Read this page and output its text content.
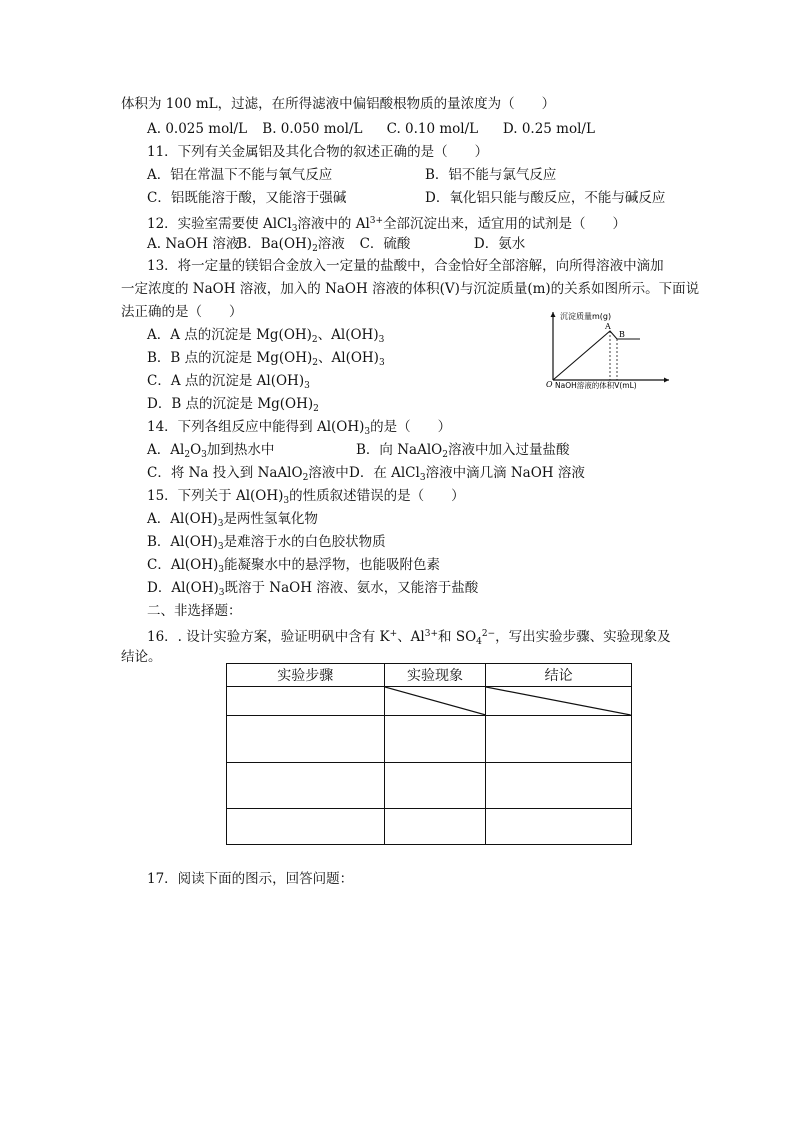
体积为 100 mL，过滤，在所得滤液中偏铝酸根物质的量浓度为（　　）
A. 0.025 mol/L B. 0.050 mol/L C. 0.10 mol/L D. 0.25 mol/L
11．下列有关金属铝及其化合物的叙述正确的是（　　）
A．铝在常温下不能与氧气反应	B．铝不能与氯气反应
C．铝既能溶于酸，又能溶于强碱	D．氧化铝只能与酸反应，不能与碱反应
12．实验室需要使 AlCl$_3$溶液中的 $Al^{3+}$全部沉淀出来，适宜用的试剂是（　　）
A. NaOH 溶液 B．$Ba(OH)_2$溶液 C．硫酸	D．氨水
13．将一定量的镁铝合金放入一定量的盐酸中，合金恰好全部溶解，向所得溶液中滴加
一定浓度的 NaOH 溶液，加入的 NaOH 溶液的体积(V)与沉淀质量(m)的关系如图所示。下面说
法正确的是（　　）
A．A 点的沉淀是 $Mg(OH)_2$、$Al(OH)_3$
B．B 点的沉淀是 $Mg(OH)_2$、$Al(OH)_3$
C．A 点的沉淀是 $Al(OH)_3$
D．B 点的沉淀是 $Mg(OH)_2$
沉淀质量m(g)
A
B
O NaOH溶液的体积V(mL)
14．下列各组反应中能得到 $Al(OH)_3$的是（　　）
A．$Al_2O_3$加到热水中	B．向 NaAlO$_2$溶液中加入过量盐酸
C．将 Na 投入到 NaAlO$_2$溶液中 D．在 AlCl$_3$溶液中滴几滴 NaOH 溶液
15．下列关于 $Al(OH)_3$的性质叙述错误的是（　　）
A．$Al(OH)_3$是两性氢氧化物
B．$Al(OH)_3$是难溶于水的白色胶状物质
C．$Al(OH)_3$能凝聚水中的悬浮物，也能吸附色素
D．$Al(OH)_3$既溶于 NaOH 溶液、氨水，又能溶于盐酸
二、非选择题：
16．. 设计实验方案，验证明矾中含有 K+、$Al^{3+}$和 $SO_4^{2-}$，写出实验步骤、实验现象及
结论。
实验步骤	实验现象	结论

17．阅读下面的图示，回答问题：
